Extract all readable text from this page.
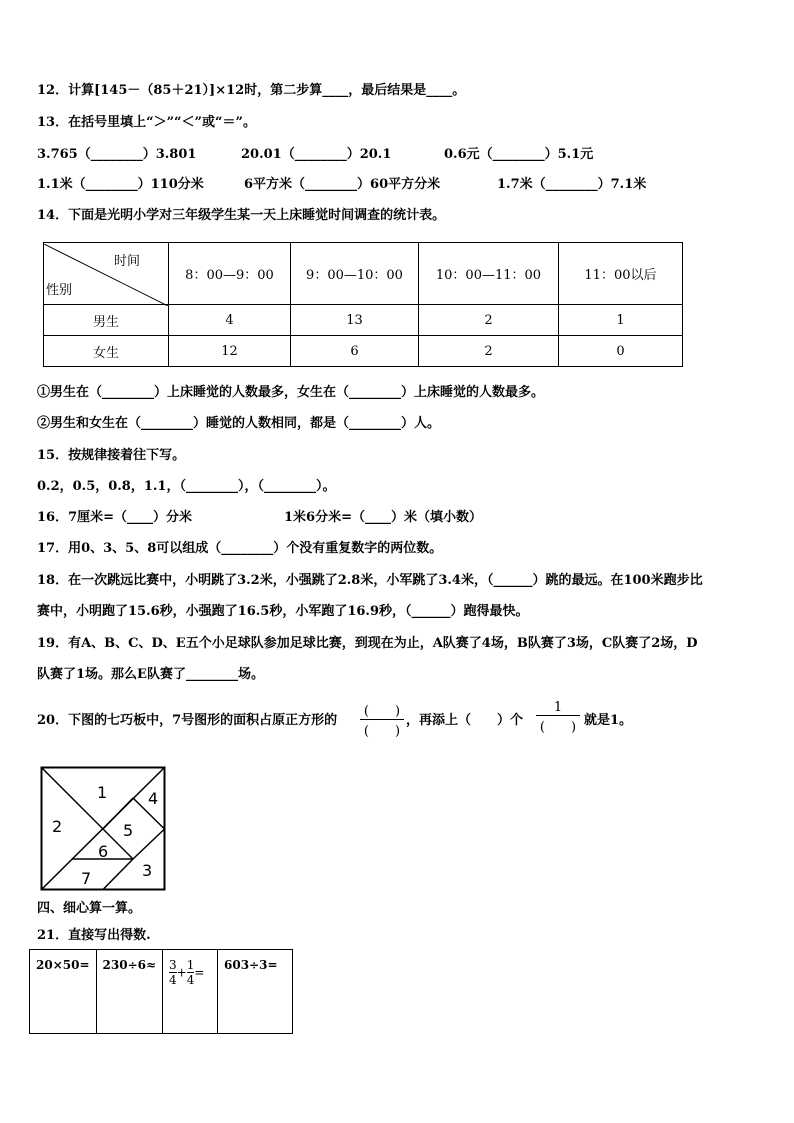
12．计算[145－（85＋21）]×12时，第二步算____，最后结果是____。
13．在括号里填上“＞”“＜”或“＝”。
3.765（________）3.801	20.01（________）20.1	0.6元（________）5.1元
1.1米（________）110分米	6平方米（________）60平方分米	1.7米（________）7.1米
14．下面是光明小学对三年级学生某一天上床睡觉时间调查的统计表。
时间
性别	8：00—9：00	9：00—10：00	10：00—11：00	11：00以后
男生	4	13	2	1
女生	12	6	2	0
①男生在（________）上床睡觉的人数最多，女生在（________）上床睡觉的人数最多。
②男生和女生在（________）睡觉的人数相同，都是（________）人。
15．按规律接着往下写。
0.2，0.5，0.8，1.1，（________），（________）。
16．7厘米=（____）分米	1米6分米=（____）米（填小数）
17．用0、3、5、8可以组成（________）个没有重复数字的两位数。
18．在一次跳远比赛中，小明跳了3.2米，小强跳了2.8米，小军跳了3.4米，（______）跳的最远。在100米跑步比
赛中，小明跑了15.6秒，小强跑了16.5秒，小军跑了16.9秒，（______）跑得最快。
19．有A、B、C、D、E五个小足球队参加足球比赛，到现在为止，A队赛了4场，B队赛了3场，C队赛了2场，D
队赛了1场。那么E队赛了________场。
20．下图的七巧板中，7号图形的面积占原正方形的
(　　)
(　　)
，再添上（　　）个
1
(　　) 就是1。
1
2
3
4
5
6
7
四、细心算一算。
21．直接写出得数.
20×50=	230÷6≈	$\frac{3}{4} + \frac{1}{4}$ =	603÷3=
